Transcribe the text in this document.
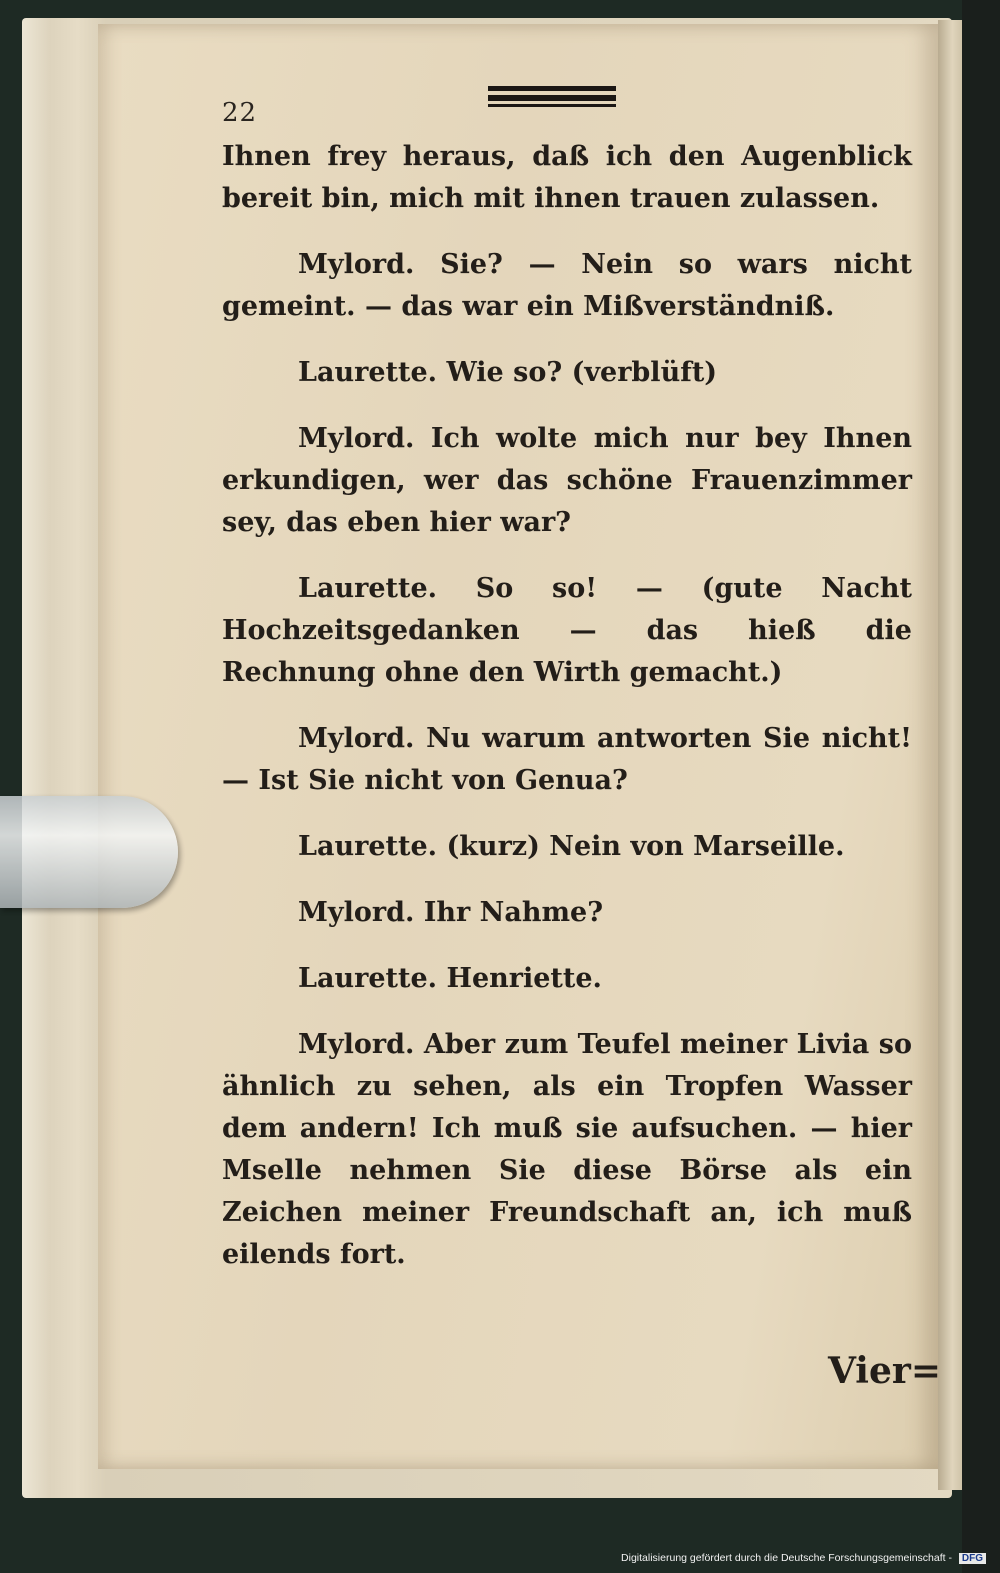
22

Ihnen frey heraus, daß ich den Augenblick bereit bin, mich mit ihnen trauen zulassen.

Mylord. Sie? — Nein so wars nicht gemeint. — das war ein Mißverständniß.

Laurette. Wie so? (verblüft)

Mylord. Ich wolte mich nur bey Ihnen erkundigen, wer das schöne Frauenzimmer sey, das eben hier war?

Laurette. So so! — (gute Nacht Hochzeitsgedanken — das hieß die Rechnung ohne den Wirth gemacht.)

Mylord. Nu warum antworten Sie nicht! — Ist Sie nicht von Genua?

Laurette. (kurz) Nein von Marseille.

Mylord. Ihr Nahme?

Laurette. Henriette.

Mylord. Aber zum Teufel meiner Livia so ähnlich zu sehen, als ein Tropfen Wasser dem andern! Ich muß sie aufsuchen. — hier Mselle nehmen Sie diese Börse als ein Zeichen meiner Freundschaft an, ich muß eilends fort.

Vier=
Digitalisierung gefördert durch die Deutsche Forschungsgemeinschaft - DFG
